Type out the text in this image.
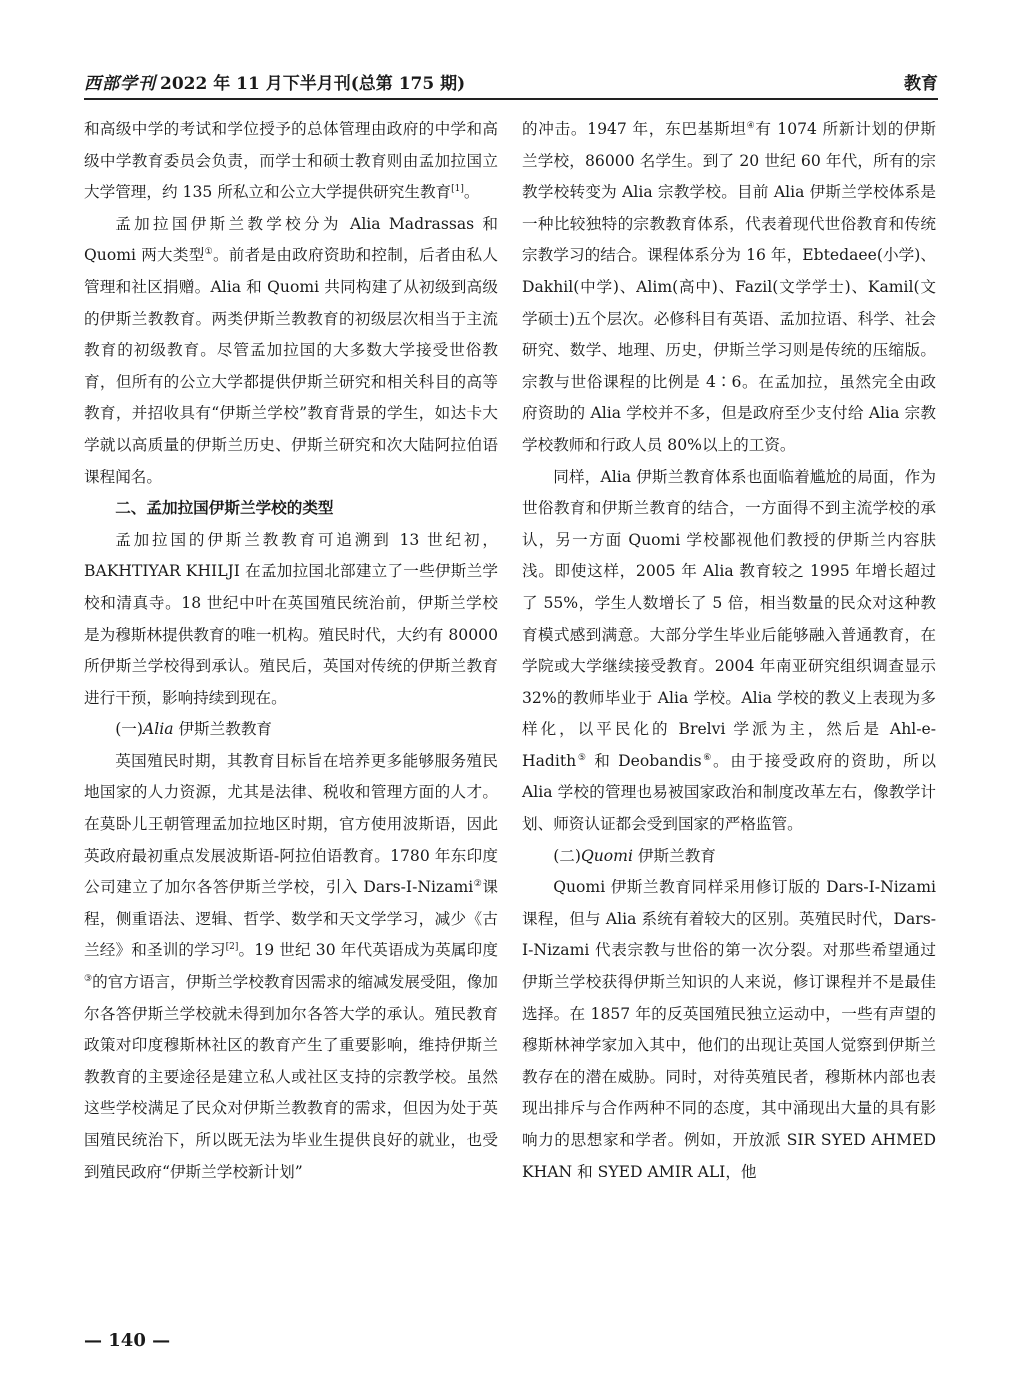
西部学刊 2022 年 11 月下半月刊(总第 175 期)	教育

和高级中学的考试和学位授予的总体管理由政府的中学和高级中学教育委员会负责，而学士和硕士教育则由孟加拉国立大学管理，约 135 所私立和公立大学提供研究生教育[1]。

孟加拉国伊斯兰教学校分为 Alia Madrassas 和 Quomi 两大类型①。前者是由政府资助和控制，后者由私人管理和社区捐赠。Alia 和 Quomi 共同构建了从初级到高级的伊斯兰教教育。两类伊斯兰教教育的初级层次相当于主流教育的初级教育。尽管孟加拉国的大多数大学接受世俗教育，但所有的公立大学都提供伊斯兰研究和相关科目的高等教育，并招收具有“伊斯兰学校”教育背景的学生，如达卡大学就以高质量的伊斯兰历史、伊斯兰研究和次大陆阿拉伯语课程闻名。

二、孟加拉国伊斯兰学校的类型

孟加拉国的伊斯兰教教育可追溯到 13 世纪初，BAKHTIYAR KHILJI 在孟加拉国北部建立了一些伊斯兰学校和清真寺。18 世纪中叶在英国殖民统治前，伊斯兰学校是为穆斯林提供教育的唯一机构。殖民时代，大约有 80000 所伊斯兰学校得到承认。殖民后，英国对传统的伊斯兰教育进行干预，影响持续到现在。

(一)Alia 伊斯兰教教育

英国殖民时期，其教育目标旨在培养更多能够服务殖民地国家的人力资源，尤其是法律、税收和管理方面的人才。在莫卧儿王朝管理孟加拉地区时期，官方使用波斯语，因此英政府最初重点发展波斯语-阿拉伯语教育。1780 年东印度公司建立了加尔各答伊斯兰学校，引入 Dars-I-Nizami②课程，侧重语法、逻辑、哲学、数学和天文学学习，减少《古兰经》和圣训的学习[2]。19 世纪 30 年代英语成为英属印度③的官方语言，伊斯兰学校教育因需求的缩减发展受阻，像加尔各答伊斯兰学校就未得到加尔各答大学的承认。殖民教育政策对印度穆斯林社区的教育产生了重要影响，维持伊斯兰教教育的主要途径是建立私人或社区支持的宗教学校。虽然这些学校满足了民众对伊斯兰教教育的需求，但因为处于英国殖民统治下，所以既无法为毕业生提供良好的就业，也受到殖民政府“伊斯兰学校新计划”

的冲击。1947 年，东巴基斯坦④有 1074 所新计划的伊斯兰学校，86000 名学生。到了 20 世纪 60 年代，所有的宗教学校转变为 Alia 宗教学校。目前 Alia 伊斯兰学校体系是一种比较独特的宗教教育体系，代表着现代世俗教育和传统宗教学习的结合。课程体系分为 16 年，Ebtedaee(小学)、Dakhil(中学)、Alim(高中)、Fazil(文学学士)、Kamil(文学硕士)五个层次。必修科目有英语、孟加拉语、科学、社会研究、数学、地理、历史，伊斯兰学习则是传统的压缩版。宗教与世俗课程的比例是 4∶6。在孟加拉，虽然完全由政府资助的 Alia 学校并不多，但是政府至少支付给 Alia 宗教学校教师和行政人员 80%以上的工资。

同样，Alia 伊斯兰教育体系也面临着尴尬的局面，作为世俗教育和伊斯兰教育的结合，一方面得不到主流学校的承认，另一方面 Quomi 学校鄙视他们教授的伊斯兰内容肤浅。即使这样，2005 年 Alia 教育较之 1995 年增长超过了 55%，学生人数增长了 5 倍，相当数量的民众对这种教育模式感到满意。大部分学生毕业后能够融入普通教育，在学院或大学继续接受教育。2004 年南亚研究组织调查显示 32%的教师毕业于 Alia 学校。Alia 学校的教义上表现为多样化，以平民化的 Brelvi 学派为主，然后是 Ahl-e-Hadith⑤ 和 Deobandis⑥。由于接受政府的资助，所以 Alia 学校的管理也易被国家政治和制度改革左右，像教学计划、师资认证都会受到国家的严格监管。

(二)Quomi 伊斯兰教育

Quomi 伊斯兰教育同样采用修订版的 Dars-I-Nizami 课程，但与 Alia 系统有着较大的区别。英殖民时代，Dars-I-Nizami 代表宗教与世俗的第一次分裂。对那些希望通过伊斯兰学校获得伊斯兰知识的人来说，修订课程并不是最佳选择。在 1857 年的反英国殖民独立运动中，一些有声望的穆斯林神学家加入其中，他们的出现让英国人觉察到伊斯兰教存在的潜在威胁。同时，对待英殖民者，穆斯林内部也表现出排斥与合作两种不同的态度，其中涌现出大量的具有影响力的思想家和学者。例如，开放派 SIR SYED AHMED KHAN 和 SYED AMIR ALI，他

— 140 —
